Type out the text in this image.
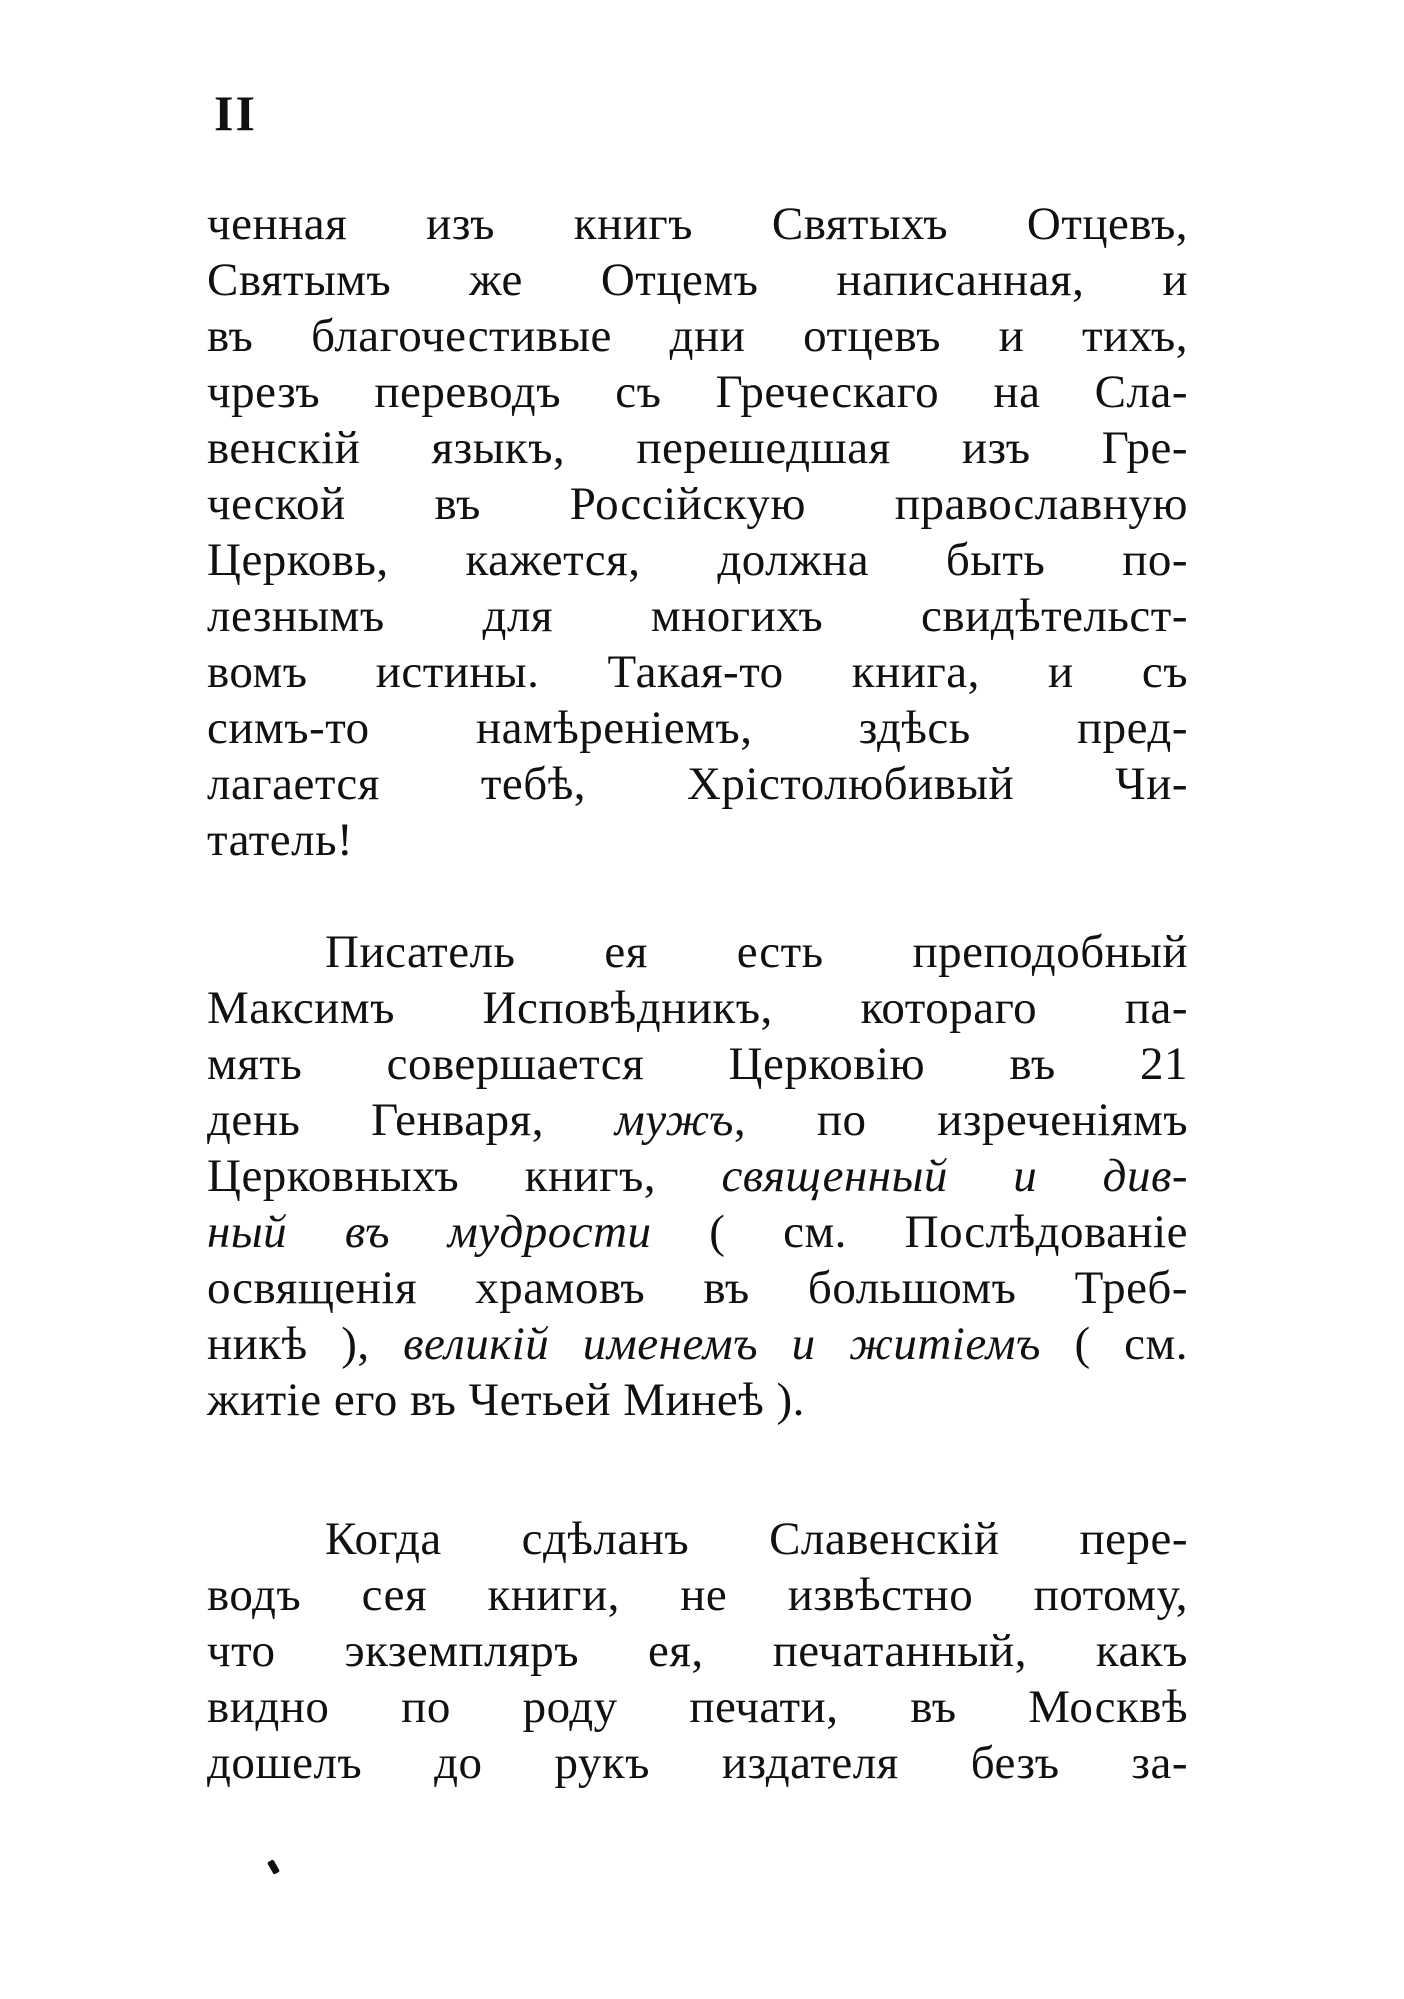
II
ченная изъ книгъ Святыхъ Отцевъ,
Святымъ же Отцемъ написанная, и
въ благочестивые дни отцевъ и тихъ,
чрезъ переводъ съ Греческаго на Сла-
венскій языкъ, перешедшая изъ Гре-
ческой въ Россійскую православную
Церковь, кажется, должна быть по-
лезнымъ для многихъ свидѣтельст-
вомъ истины. Такая-то книга, и съ
симъ-то намѣреніемъ, здѣсь пред-
лагается тебѣ, Хрістолюбивый Чи-
татель!
Писатель ея есть преподобный
Максимъ Исповѣдникъ, котораго па-
мять совершается Церковію въ 21
день Генваря, мужъ, по изреченіямъ
Церковныхъ книгъ, священный и див-
ный въ мудрости ( см. Послѣдованіе
освященія храмовъ въ большомъ Треб-
никѣ ), великій именемъ и житіемъ ( см.
житіе его въ Четьей Минеѣ ).
Когда сдѣланъ Славенскій пере-
водъ сея книги, не извѣстно потому,
что экземпляръ ея, печатанный, какъ
видно по роду печати, въ Москвѣ
дошелъ до рукъ издателя безъ за-
